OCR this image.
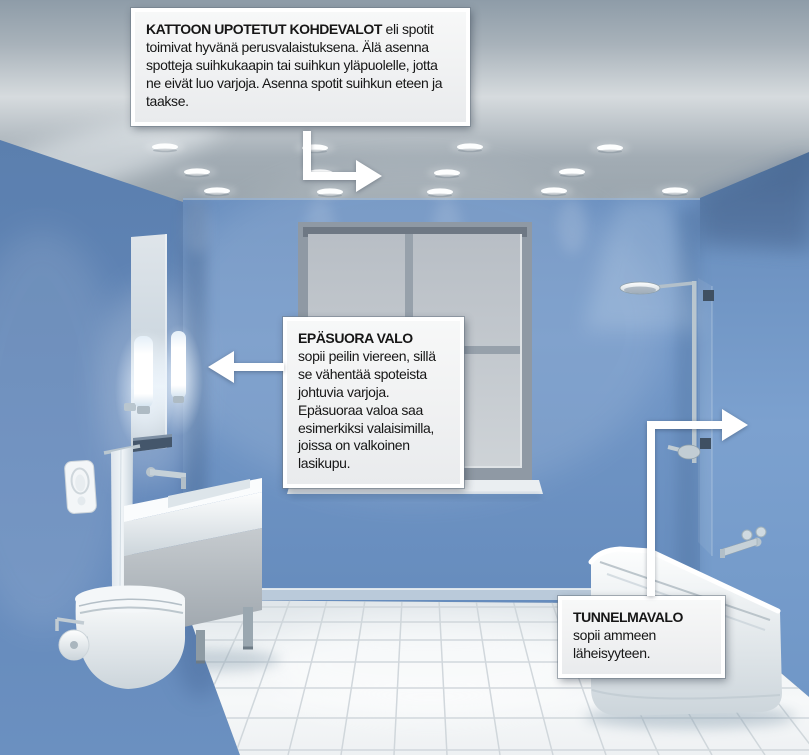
KATTOON UPOTETUT KOHDEVALOT eli spotit toimivat hyvänä perusvalaistuksena. Älä asenna spotteja suihkukaapin tai suihkun yläpuolelle, jotta ne eivät luo varjoja. Asenna spotit suihkun eteen ja taakse.

EPÄSUORA VALO
sopii peilin viereen, sillä se vähentää spoteista johtuvia varjoja. Epäsuoraa valoa saa esimerkiksi valaisimilla, joissa on valkoinen lasikupu.

TUNNELMAVALO
sopii ammeen läheisyyteen.
